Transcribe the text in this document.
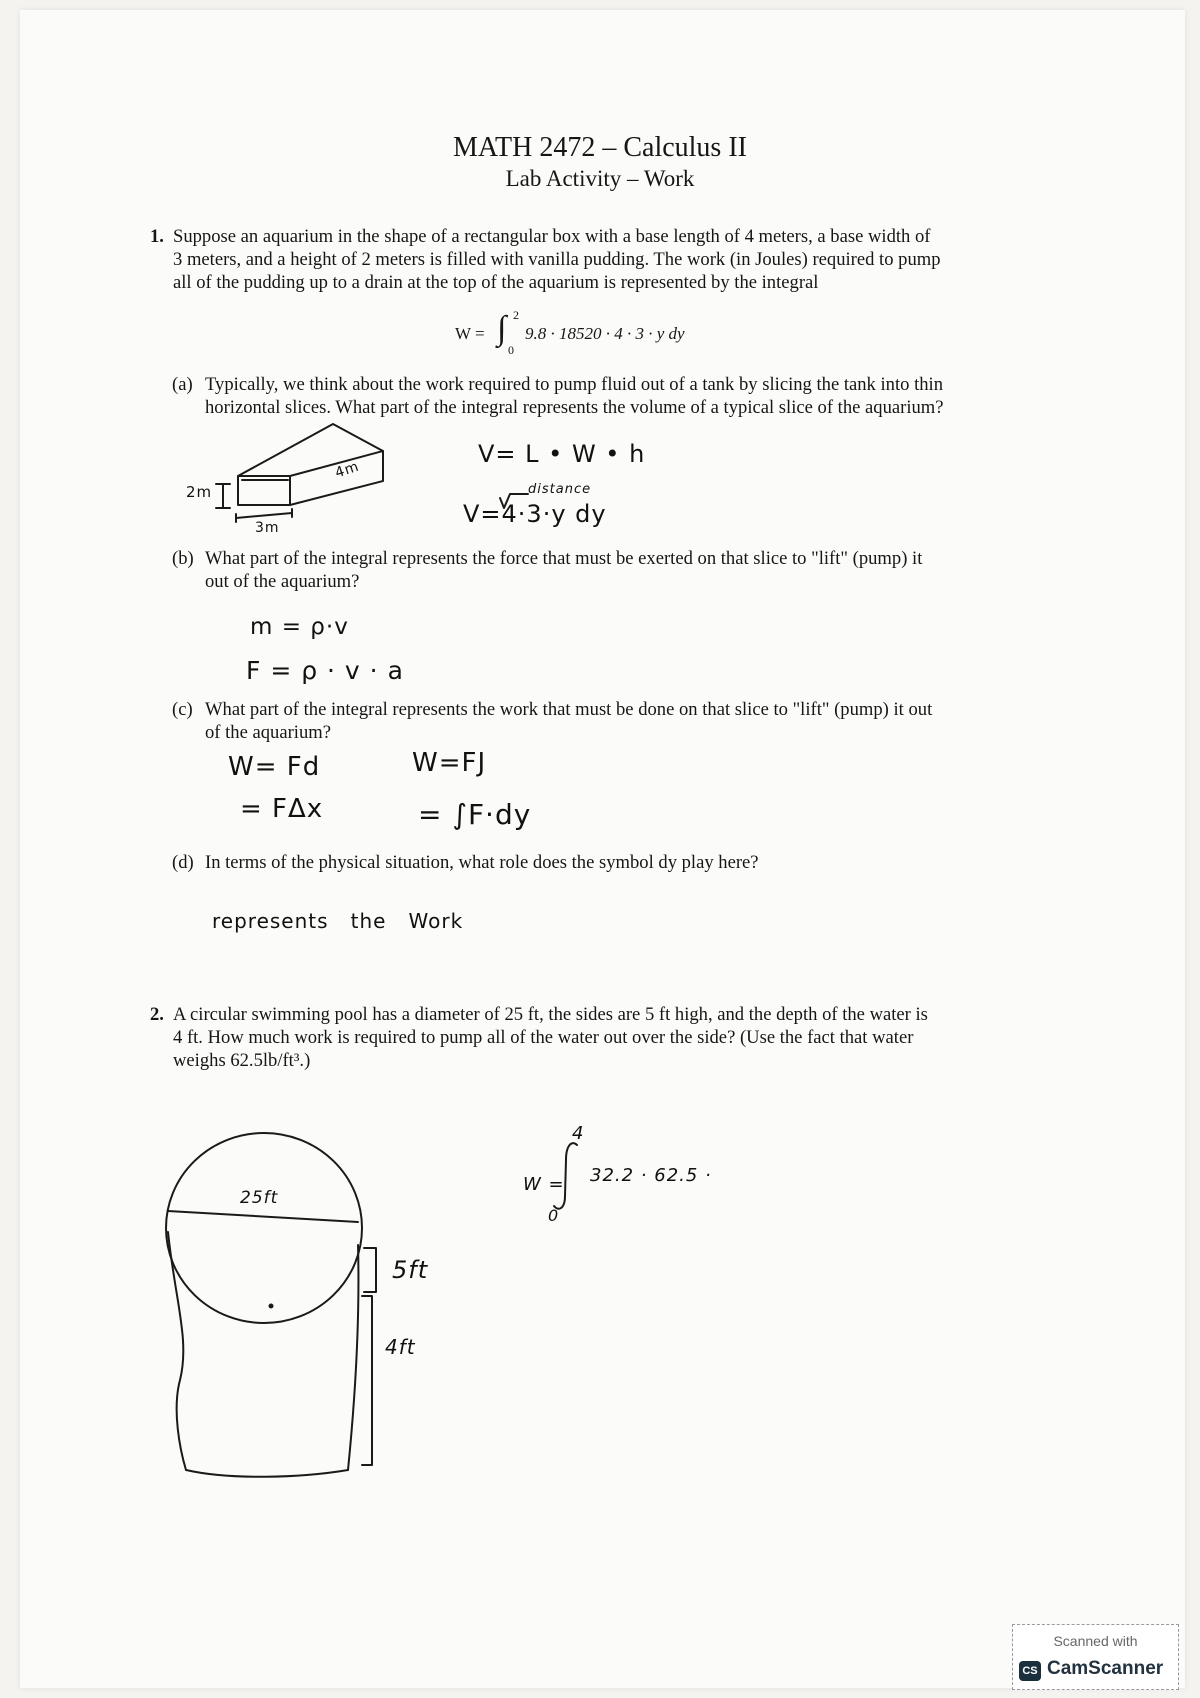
MATH 2472 – Calculus II
Lab Activity – Work
1. Suppose an aquarium in the shape of a rectangular box with a base length of 4 meters, a base width of
3 meters, and a height of 2 meters is filled with vanilla pudding. The work (in Joules) required to pump
all of the pudding up to a drain at the top of the aquarium is represented by the integral
W = ∫ 2
0
9.8 · 18520 · 4 · 3 · y dy
(a) Typically, we think about the work required to pump fluid out of a tank by slicing the tank into thin
horizontal slices. What part of the integral represents the volume of a typical slice of the aquarium?
(b) What part of the integral represents the force that must be exerted on that slice to "lift" (pump) it
out of the aquarium?
(c) What part of the integral represents the work that must be done on that slice to "lift" (pump) it out
of the aquarium?
(d) In terms of the physical situation, what role does the symbol dy play here?
2. A circular swimming pool has a diameter of 25 ft, the sides are 5 ft high, and the depth of the water is
4 ft. How much work is required to pump all of the water out over the side? (Use the fact that water
weighs 62.5lb/ft³.)
V= L • W • h
distance
V=4·3·y dy
2m
4m
3m
m = ρ·v
F = ρ · v · a
W= Fd
= FΔx
W=FJ
= ∫F·dy
represents   the   Work
W =
4
0
32.2 · 62.5 ·
25ft
5ft
4ft
Scanned with
CS CamScanner
